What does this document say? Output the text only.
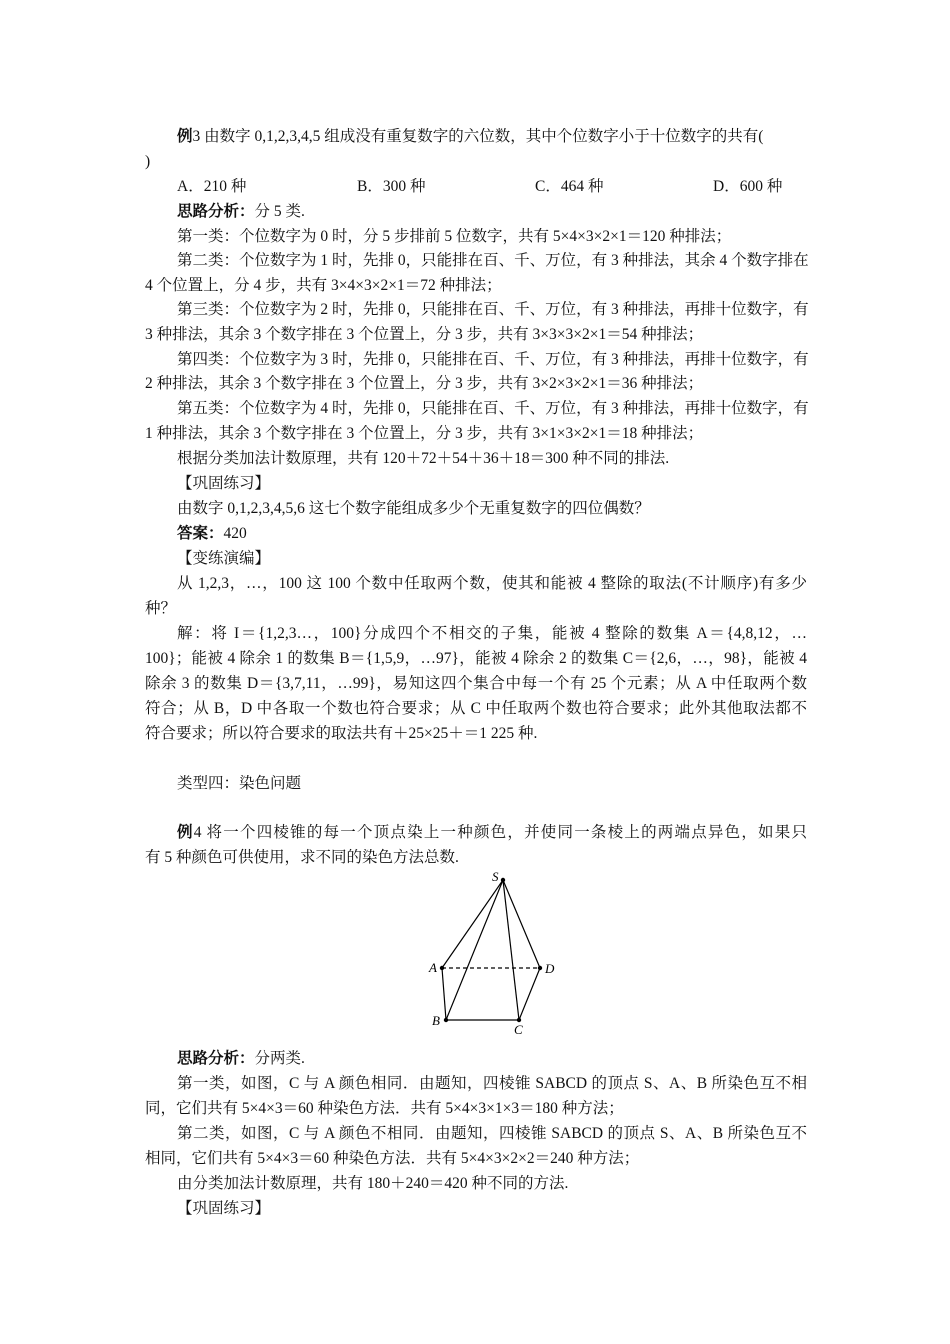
例3 由数字 0,1,2,3,4,5 组成没有重复数字的六位数，其中个位数字小于十位数字的共有(
)
A．210 种	B．300 种	C．464 种	D．600 种
思路分析：分 5 类.
第一类：个位数字为 0 时，分 5 步排前 5 位数字，共有 5×4×3×2×1＝120 种排法；
第二类：个位数字为 1 时，先排 0，只能排在百、千、万位，有 3 种排法，其余 4 个数字排在
4 个位置上，分 4 步，共有 3×4×3×2×1＝72 种排法；
第三类：个位数字为 2 时，先排 0，只能排在百、千、万位，有 3 种排法，再排十位数字，有
3 种排法，其余 3 个数字排在 3 个位置上，分 3 步，共有 3×3×3×2×1＝54 种排法；
第四类：个位数字为 3 时，先排 0，只能排在百、千、万位，有 3 种排法，再排十位数字，有
2 种排法，其余 3 个数字排在 3 个位置上，分 3 步，共有 3×2×3×2×1＝36 种排法；
第五类：个位数字为 4 时，先排 0，只能排在百、千、万位，有 3 种排法，再排十位数字，有
1 种排法，其余 3 个数字排在 3 个位置上，分 3 步，共有 3×1×3×2×1＝18 种排法；
根据分类加法计数原理，共有 120＋72＋54＋36＋18＝300 种不同的排法.
【巩固练习】
由数字 0,1,2,3,4,5,6 这七个数字能组成多少个无重复数字的四位偶数？
答案：420
【变练演编】
从 1,2,3，…，100 这 100 个数中任取两个数，使其和能被 4 整除的取法(不计顺序)有多少
种？
解：将 I＝{1,2,3…，100}分成四个不相交的子集，能被 4 整除的数集 A＝{4,8,12，…
100}；能被 4 除余 1 的数集 B＝{1,5,9，…97}，能被 4 除余 2 的数集 C＝{2,6，…，98}，能被 4
除余 3 的数集 D＝{3,7,11，…99}，易知这四个集合中每一个有 25 个元素；从 A 中任取两个数
符合；从 B，D 中各取一个数也符合要求；从 C 中任取两个数也符合要求；此外其他取法都不
符合要求；所以符合要求的取法共有＋25×25＋＝1 225 种.
类型四：染色问题
例4 将一个四棱锥的每一个顶点染上一种颜色，并使同一条棱上的两端点异色，如果只
有 5 种颜色可供使用，求不同的染色方法总数.
S
A
B
C
D
思路分析：分两类.
第一类，如图，C 与 A 颜色相同．由题知，四棱锥 SABCD 的顶点 S、A、B 所染色互不相
同，它们共有 5×4×3＝60 种染色方法．共有 5×4×3×1×3＝180 种方法；
第二类，如图，C 与 A 颜色不相同．由题知，四棱锥 SABCD 的顶点 S、A、B 所染色互不
相同，它们共有 5×4×3＝60 种染色方法．共有 5×4×3×2×2＝240 种方法；
由分类加法计数原理，共有 180＋240＝420 种不同的方法.
【巩固练习】
